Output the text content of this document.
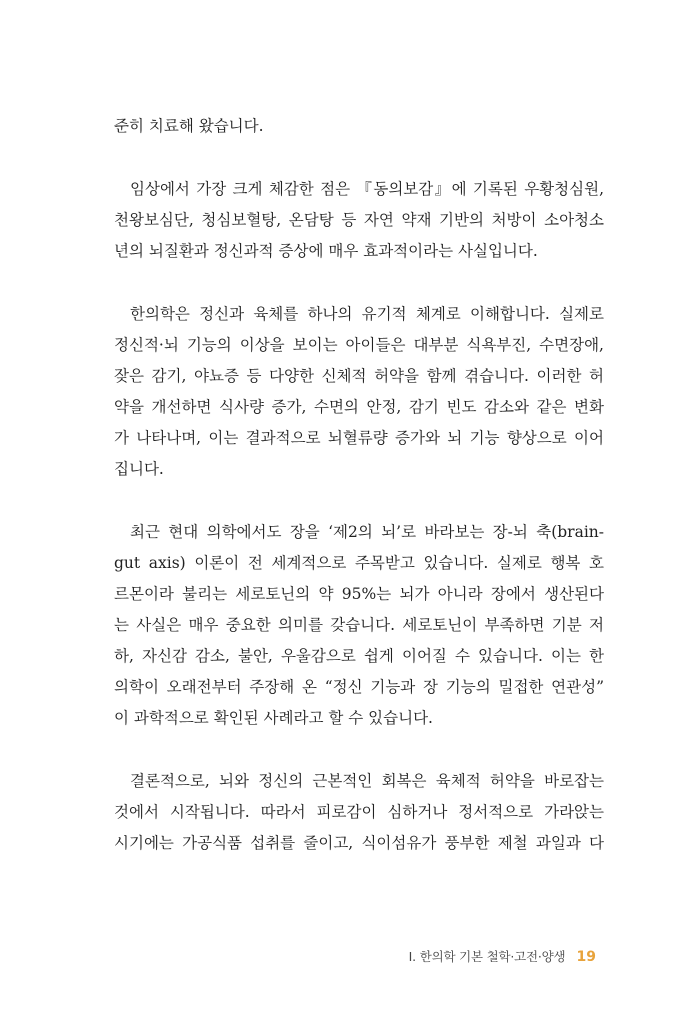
준히 치료해 왔습니다.
임상에서 가장 크게 체감한 점은 『동의보감』에 기록된 우황청심원,
천왕보심단, 청심보혈탕, 온담탕 등 자연 약재 기반의 처방이 소아청소
년의 뇌질환과 정신과적 증상에 매우 효과적이라는 사실입니다.
한의학은 정신과 육체를 하나의 유기적 체계로 이해합니다. 실제로
정신적·뇌 기능의 이상을 보이는 아이들은 대부분 식욕부진, 수면장애,
잦은 감기, 야뇨증 등 다양한 신체적 허약을 함께 겪습니다. 이러한 허
약을 개선하면 식사량 증가, 수면의 안정, 감기 빈도 감소와 같은 변화
가 나타나며, 이는 결과적으로 뇌혈류량 증가와 뇌 기능 향상으로 이어
집니다.
최근 현대 의학에서도 장을 ‘제2의 뇌’로 바라보는 장-뇌 축(brain-
gut axis) 이론이 전 세계적으로 주목받고 있습니다. 실제로 행복 호
르몬이라 불리는 세로토닌의 약 95%는 뇌가 아니라 장에서 생산된다
는 사실은 매우 중요한 의미를 갖습니다. 세로토닌이 부족하면 기분 저
하, 자신감 감소, 불안, 우울감으로 쉽게 이어질 수 있습니다. 이는 한
의학이 오래전부터 주장해 온 “정신 기능과 장 기능의 밀접한 연관성”
이 과학적으로 확인된 사례라고 할 수 있습니다.
결론적으로, 뇌와 정신의 근본적인 회복은 육체적 허약을 바로잡는
것에서 시작됩니다. 따라서 피로감이 심하거나 정서적으로 가라앉는
시기에는 가공식품 섭취를 줄이고, 식이섬유가 풍부한 제철 과일과 다
Ⅰ. 한의학 기본 철학·고전·양생 19
